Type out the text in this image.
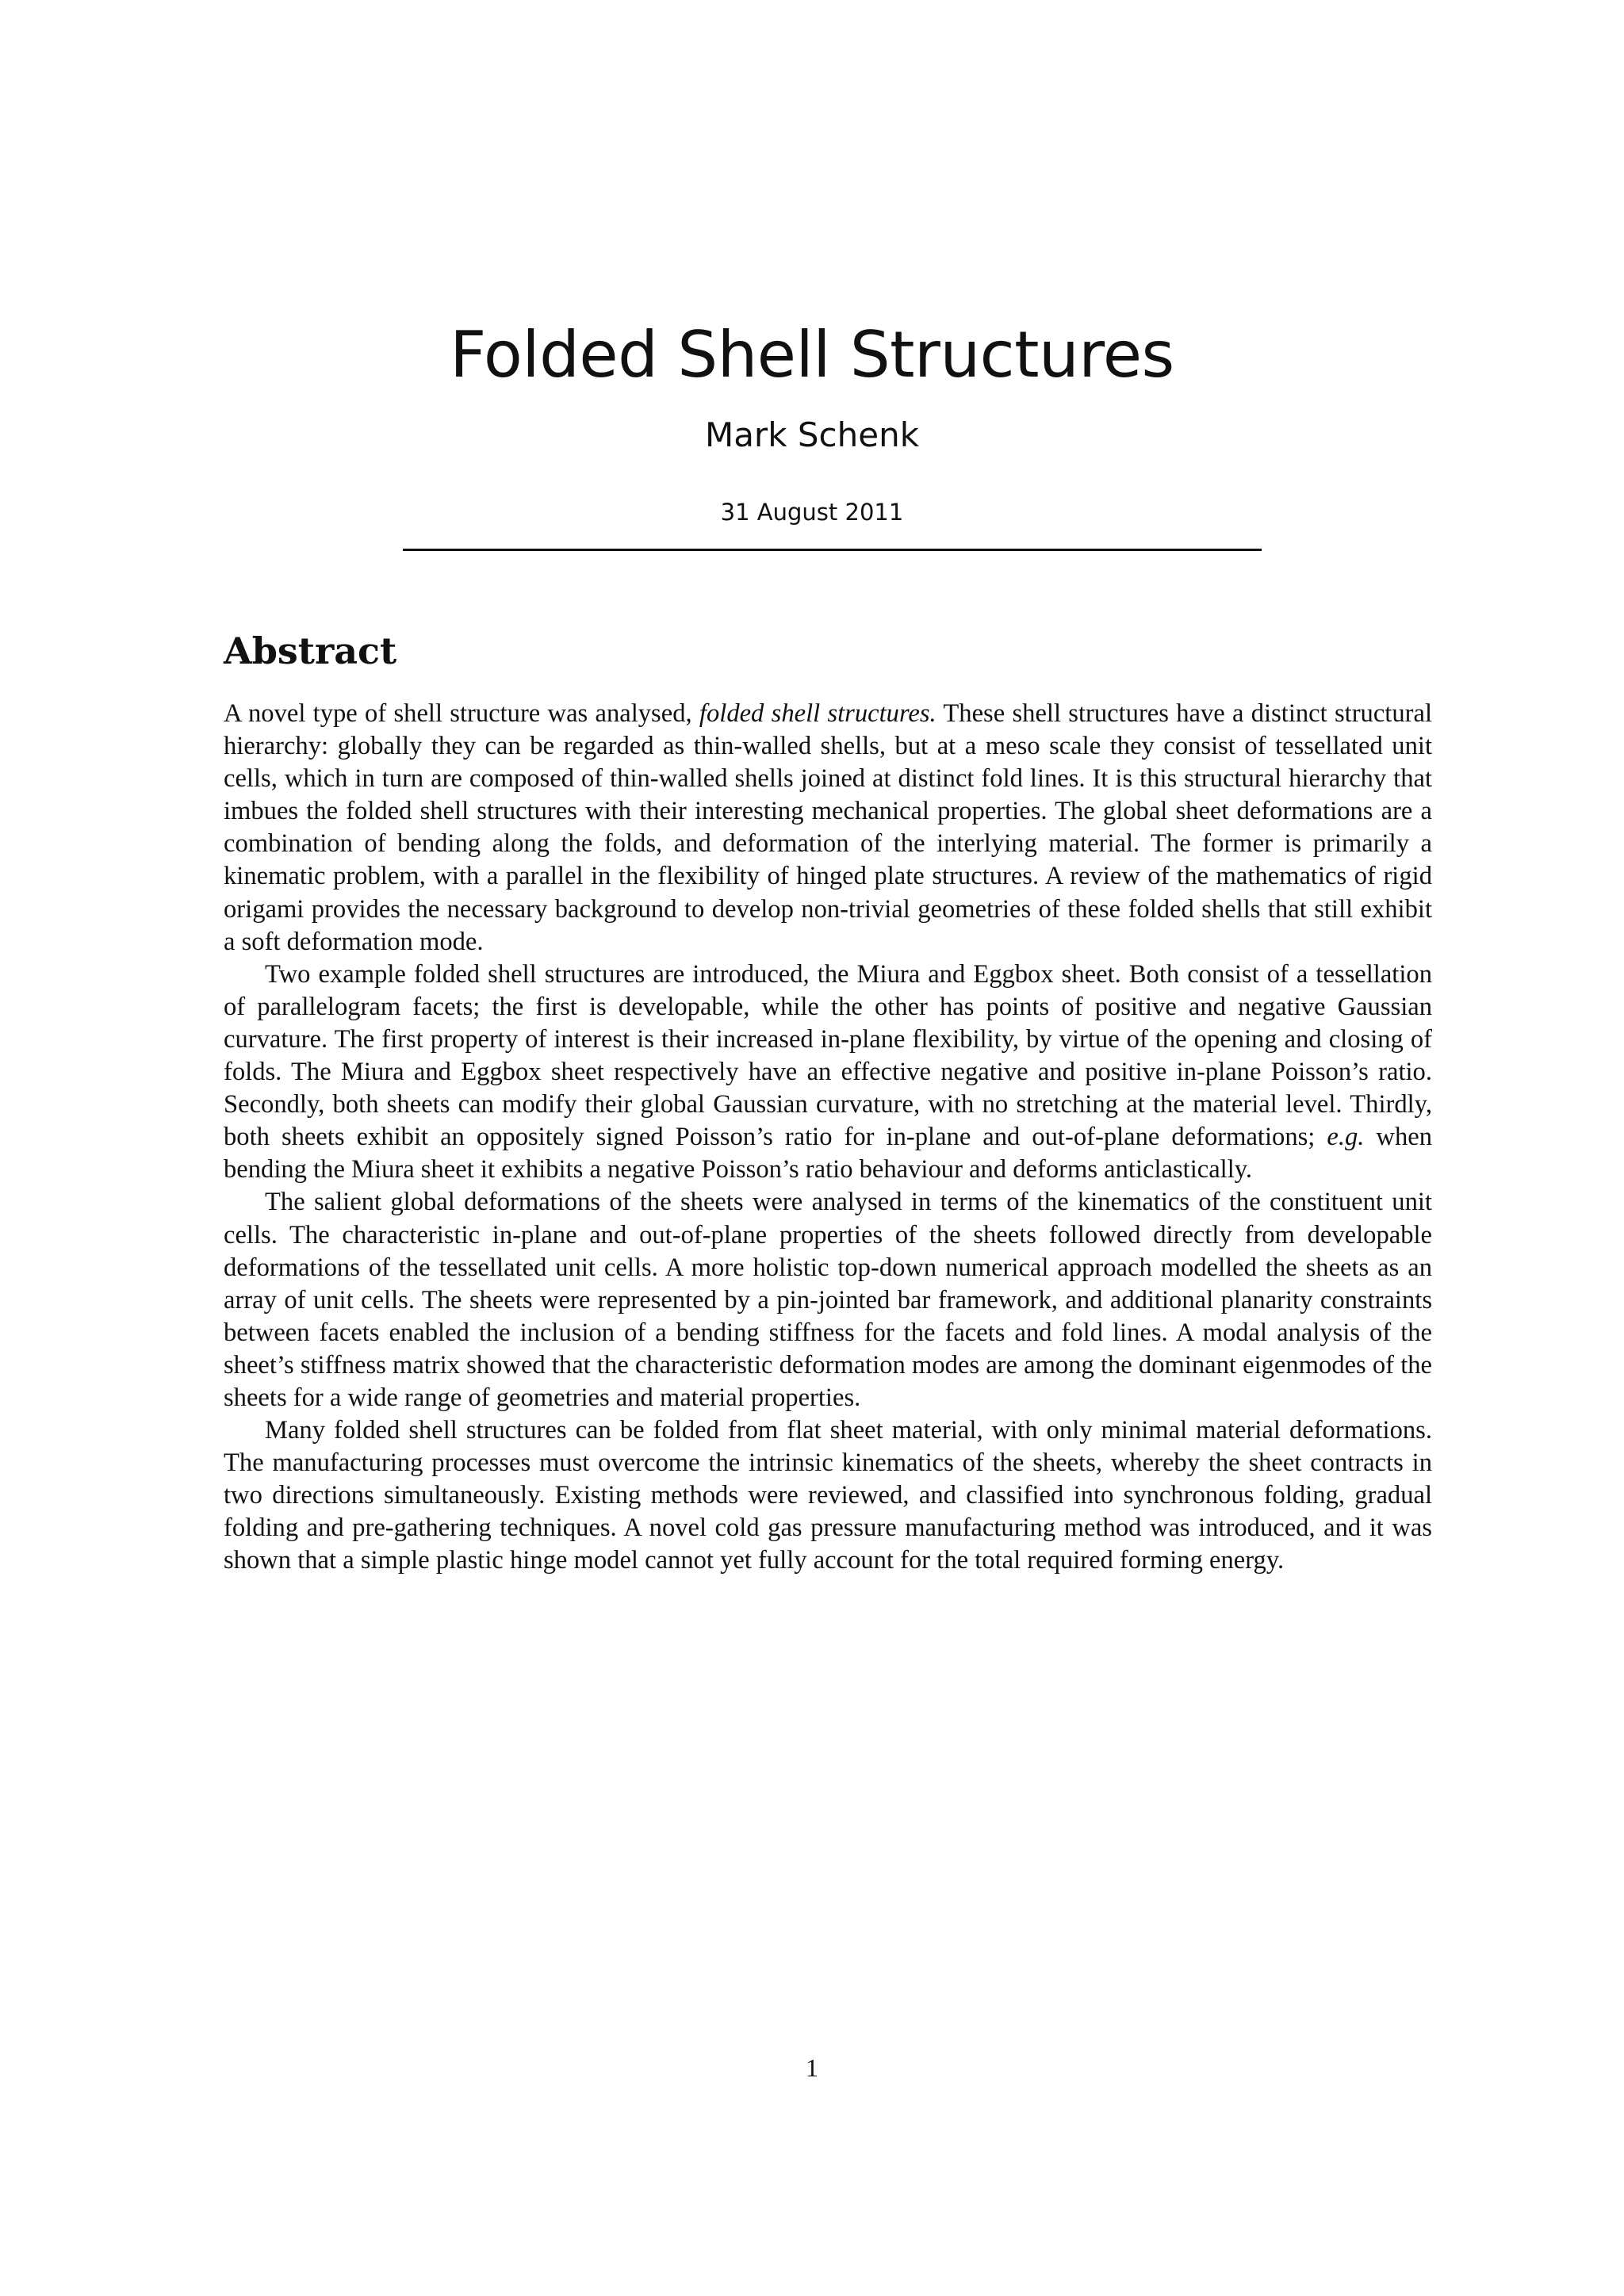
Folded Shell Structures
Mark Schenk
31 August 2011
Abstract

A novel type of shell structure was analysed, folded shell structures. These shell structures have a distinct structural hierarchy: globally they can be regarded as thin-walled shells, but at a meso scale they consist of tessellated unit cells, which in turn are composed of thin-walled shells joined at distinct fold lines. It is this structural hierarchy that imbues the folded shell structures with their interesting mechanical properties. The global sheet deformations are a combination of bending along the folds, and deformation of the interlying material. The former is primarily a kinematic problem, with a parallel in the flexibility of hinged plate structures. A review of the mathematics of rigid origami provides the necessary background to develop non-trivial geometries of these folded shells that still exhibit a soft deformation mode.

Two example folded shell structures are introduced, the Miura and Eggbox sheet. Both consist of a tessellation of parallelogram facets; the first is developable, while the other has points of positive and negative Gaussian curvature. The first property of interest is their increased in-plane flexibility, by virtue of the opening and closing of folds. The Miura and Eggbox sheet respectively have an effective negative and positive in-plane Poisson’s ratio. Secondly, both sheets can modify their global Gaussian curvature, with no stretching at the material level. Thirdly, both sheets exhibit an oppositely signed Poisson’s ratio for in-plane and out-of-plane deformations; e.g. when bending the Miura sheet it exhibits a negative Poisson’s ratio behaviour and deforms anticlastically.

The salient global deformations of the sheets were analysed in terms of the kinematics of the constituent unit cells. The characteristic in-plane and out-of-plane properties of the sheets followed directly from developable deformations of the tessellated unit cells. A more holistic top-down numerical approach modelled the sheets as an array of unit cells. The sheets were represented by a pin-jointed bar framework, and additional planarity constraints between facets enabled the inclusion of a bending stiffness for the facets and fold lines. A modal analysis of the sheet’s stiffness matrix showed that the characteristic deformation modes are among the dominant eigenmodes of the sheets for a wide range of geometries and material properties.

Many folded shell structures can be folded from flat sheet material, with only minimal material deformations. The manufacturing processes must overcome the intrinsic kinematics of the sheets, whereby the sheet contracts in two directions simultaneously. Existing methods were reviewed, and classified into synchronous folding, gradual folding and pre-gathering techniques. A novel cold gas pressure manufacturing method was introduced, and it was shown that a simple plastic hinge model cannot yet fully account for the total required forming energy.

1
